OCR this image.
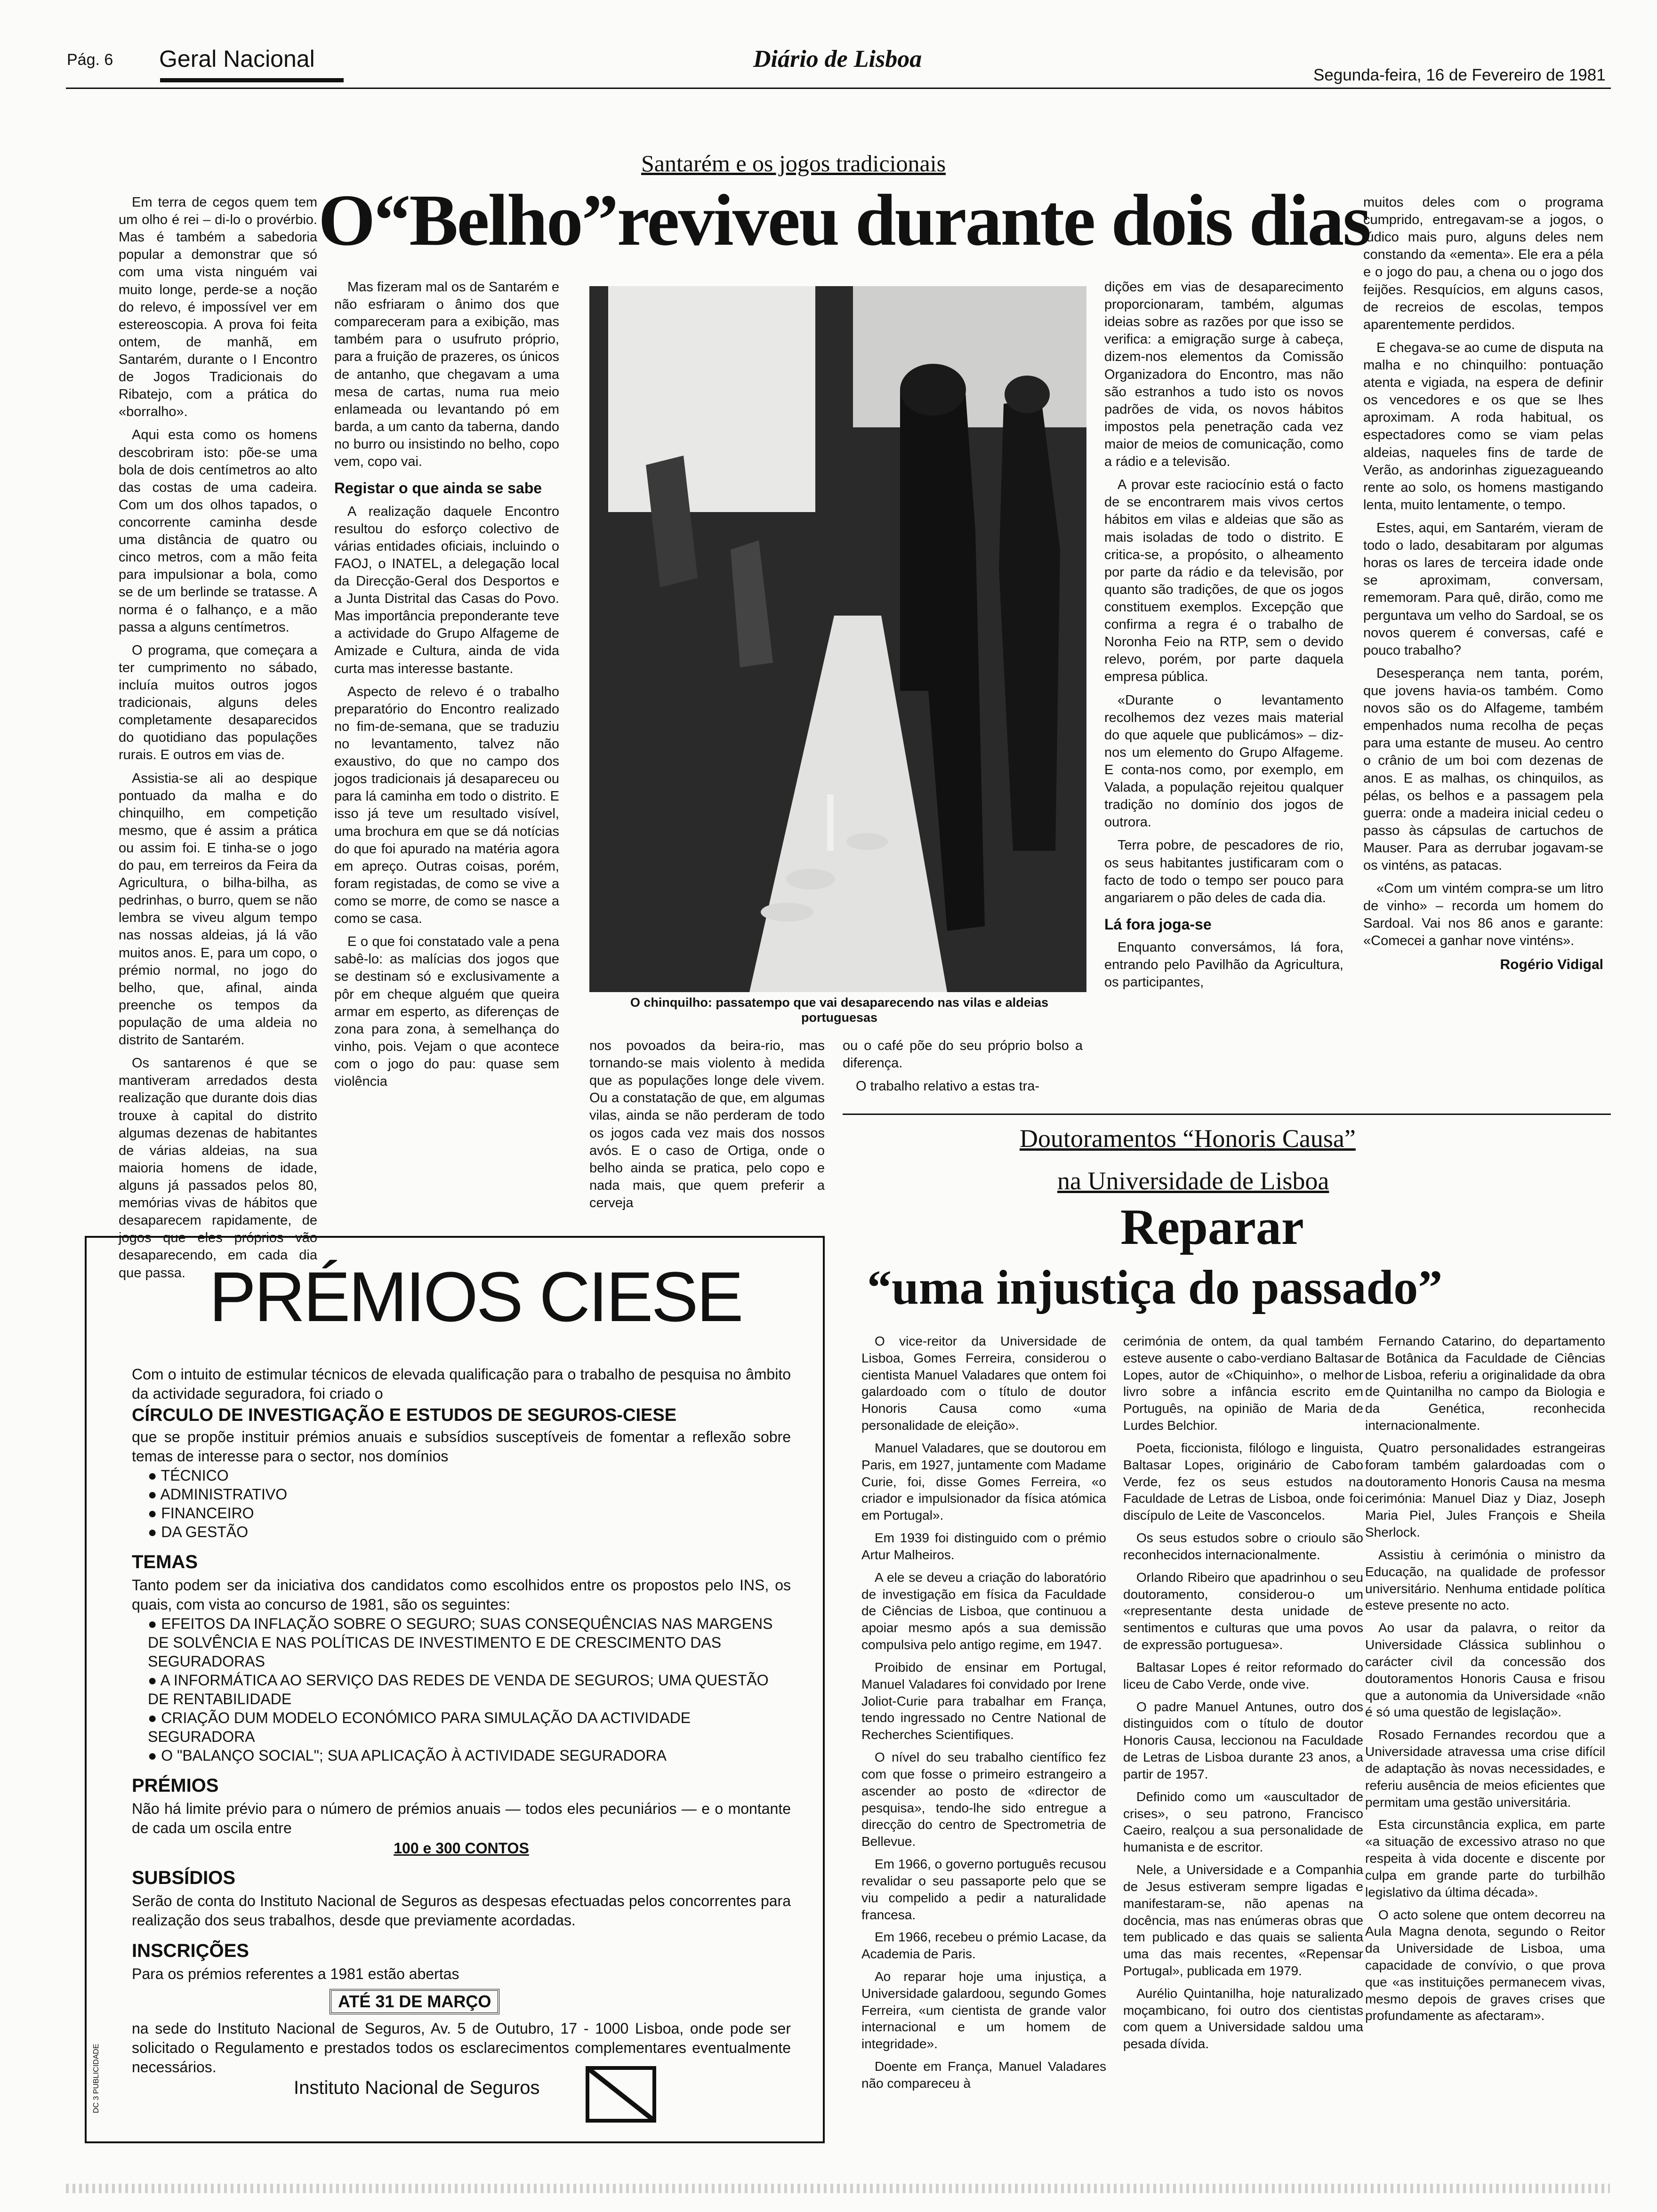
Pág. 6 Geral Nacional	Diário de Lisboa
Segunda-feira, 16 de Fevereiro de 1981
Santarém e os jogos tradicionais
O“Belho”reviveu durante dois dias

Em terra de cegos quem tem um olho é rei – di-lo o provérbio. Mas é também a sabedoria popular a demonstrar que só com uma vista ninguém vai muito longe, perde-se a noção do relevo, é impossível ver em estereoscopia. A prova foi feita ontem, de manhã, em Santarém, durante o I Encontro de Jogos Tradicionais do Ribatejo, com a prática do «borralho».

Aqui esta como os homens descobriram isto: põe-se uma bola de dois centímetros ao alto das costas de uma cadeira. Com um dos olhos tapados, o concorrente caminha desde uma distância de quatro ou cinco metros, com a mão feita para impulsionar a bola, como se de um berlinde se tratasse. A norma é o falhanço, e a mão passa a alguns centímetros.

O programa, que começara a ter cumprimento no sábado, incluía muitos outros jogos tradicionais, alguns deles completamente desaparecidos do quotidiano das populações rurais. E outros em vias de.

Assistia-se ali ao despique pontuado da malha e do chinquilho, em competição mesmo, que é assim a prática ou assim foi. E tinha-se o jogo do pau, em terreiros da Feira da Agricultura, o bilha-bilha, as pedrinhas, o burro, quem se não lembra se viveu algum tempo nas nossas aldeias, já lá vão muitos anos. E, para um copo, o prémio normal, no jogo do belho, que, afinal, ainda preenche os tempos da população de uma aldeia no distrito de Santarém.

Os santarenos é que se mantiveram arredados desta realização que durante dois dias trouxe à capital do distrito algumas dezenas de habitantes de várias aldeias, na sua maioria homens de idade, alguns já passados pelos 80, memórias vivas de hábitos que desaparecem rapidamente, de jogos que eles próprios vão desaparecendo, em cada dia que passa.

Mas fizeram mal os de Santarém e não esfriaram o ânimo dos que compareceram para a exibição, mas também para o usufruto próprio, para a fruição de prazeres, os únicos de antanho, que chegavam a uma mesa de cartas, numa rua meio enlameada ou levantando pó em barda, a um canto da taberna, dando no burro ou insistindo no belho, copo vem, copo vai.

Registar o que ainda se sabe

A realização daquele Encontro resultou do esforço colectivo de várias entidades oficiais, incluindo o FAOJ, o INATEL, a delegação local da Direcção-Geral dos Desportos e a Junta Distrital das Casas do Povo. Mas importância preponderante teve a actividade do Grupo Alfageme de Amizade e Cultura, ainda de vida curta mas interesse bastante.

Aspecto de relevo é o trabalho preparatório do Encontro realizado no fim-de-semana, que se traduziu no levantamento, talvez não exaustivo, do que no campo dos jogos tradicionais já desapareceu ou para lá caminha em todo o distrito. E isso já teve um resultado visível, uma brochura em que se dá notícias do que foi apurado na matéria agora em apreço. Outras coisas, porém, foram registadas, de como se vive a como se morre, de como se nasce a como se casa.

E o que foi constatado vale a pena sabê-lo: as malícias dos jogos que se destinam só e exclusivamente a pôr em cheque alguém que queira armar em esperto, as diferenças de zona para zona, à semelhança do vinho, pois. Vejam o que acontece com o jogo do pau: quase sem violência

O chinquilho: passatempo que vai desaparecendo nas vilas e aldeias portuguesas

nos povoados da beira-rio, mas tornando-se mais violento à medida que as populações longe dele vivem. Ou a constatação de que, em algumas vilas, ainda se não perderam de todo os jogos cada vez mais dos nossos avós. E o caso de Ortiga, onde o belho ainda se pratica, pelo copo e nada mais, que quem preferir a cerveja

ou o café põe do seu próprio bolso a diferença.

O trabalho relativo a estas tra-

dições em vias de desaparecimento proporcionaram, também, algumas ideias sobre as razões por que isso se verifica: a emigração surge à cabeça, dizem-nos elementos da Comissão Organizadora do Encontro, mas não são estranhos a tudo isto os novos padrões de vida, os novos hábitos impostos pela penetração cada vez maior de meios de comunicação, como a rádio e a televisão.

A provar este raciocínio está o facto de se encontrarem mais vivos certos hábitos em vilas e aldeias que são as mais isoladas de todo o distrito. E critica-se, a propósito, o alheamento por parte da rádio e da televisão, por quanto são tradições, de que os jogos constituem exemplos. Excepção que confirma a regra é o trabalho de Noronha Feio na RTP, sem o devido relevo, porém, por parte daquela empresa pública.

«Durante o levantamento recolhemos dez vezes mais material do que aquele que publicámos» – diz-nos um elemento do Grupo Alfageme. E conta-nos como, por exemplo, em Valada, a população rejeitou qualquer tradição no domínio dos jogos de outrora.

Terra pobre, de pescadores de rio, os seus habitantes justificaram com o facto de todo o tempo ser pouco para angariarem o pão deles de cada dia.

Lá fora joga-se

Enquanto conversámos, lá fora, entrando pelo Pavilhão da Agricultura, os participantes,

muitos deles com o programa cumprido, entregavam-se a jogos, o lúdico mais puro, alguns deles nem constando da «ementa». Ele era a péla e o jogo do pau, a chena ou o jogo dos feijões. Resquícios, em alguns casos, de recreios de escolas, tempos aparentemente perdidos.

E chegava-se ao cume de disputa na malha e no chinquilho: pontuação atenta e vigiada, na espera de definir os vencedores e os que se lhes aproximam. A roda habitual, os espectadores como se viam pelas aldeias, naqueles fins de tarde de Verão, as andorinhas ziguezagueando rente ao solo, os homens mastigando lenta, muito lentamente, o tempo.

Estes, aqui, em Santarém, vieram de todo o lado, desabitaram por algumas horas os lares de terceira idade onde se aproximam, conversam, rememoram. Para quê, dirão, como me perguntava um velho do Sardoal, se os novos querem é conversas, café e pouco trabalho?

Desesperança nem tanta, porém, que jovens havia-os também. Como novos são os do Alfageme, também empenhados numa recolha de peças para uma estante de museu. Ao centro o crânio de um boi com dezenas de anos. E as malhas, os chinquilos, as pélas, os belhos e a passagem pela guerra: onde a madeira inicial cedeu o passo às cápsulas de cartuchos de Mauser. Para as derrubar jogavam-se os vinténs, as patacas.

«Com um vintém compra-se um litro de vinho» – recorda um homem do Sardoal. Vai nos 86 anos e garante: «Comecei a ganhar nove vinténs».

Rogério Vidigal
Doutoramentos “Honoris Causa”
na Universidade de Lisboa
Reparar
“uma injustiça do passado”

O vice-reitor da Universidade de Lisboa, Gomes Ferreira, considerou o cientista Manuel Valadares que ontem foi galardoado com o título de doutor Honoris Causa como «uma personalidade de eleição».

Manuel Valadares, que se doutorou em Paris, em 1927, juntamente com Madame Curie, foi, disse Gomes Ferreira, «o criador e impulsionador da física atómica em Portugal».

Em 1939 foi distinguido com o prémio Artur Malheiros.

A ele se deveu a criação do laboratório de investigação em física da Faculdade de Ciências de Lisboa, que continuou a apoiar mesmo após a sua demissão compulsiva pelo antigo regime, em 1947.

Proibido de ensinar em Portugal, Manuel Valadares foi convidado por Irene Joliot-Curie para trabalhar em França, tendo ingressado no Centre National de Recherches Scientifiques.

O nível do seu trabalho científico fez com que fosse o primeiro estrangeiro a ascender ao posto de «director de pesquisa», tendo-lhe sido entregue a direcção do centro de Spectrometria de Bellevue.

Em 1966, o governo português recusou revalidar o seu passaporte pelo que se viu compelido a pedir a naturalidade francesa.

Em 1966, recebeu o prémio Lacase, da Academia de Paris.

Ao reparar hoje uma injustiça, a Universidade galardoou, segundo Gomes Ferreira, «um cientista de grande valor internacional e um homem de integridade».

Doente em França, Manuel Valadares não compareceu à

cerimónia de ontem, da qual também esteve ausente o cabo-verdiano Baltasar Lopes, autor de «Chiquinho», o melhor livro sobre a infância escrito em Português, na opinião de Maria de Lurdes Belchior.

Poeta, ficcionista, filólogo e linguista, Baltasar Lopes, originário de Cabo Verde, fez os seus estudos na Faculdade de Letras de Lisboa, onde foi discípulo de Leite de Vasconcelos.

Os seus estudos sobre o crioulo são reconhecidos internacionalmente.

Orlando Ribeiro que apadrinhou o seu doutoramento, considerou-o um «representante desta unidade de sentimentos e culturas que uma povos de expressão portuguesa».

Baltasar Lopes é reitor reformado do liceu de Cabo Verde, onde vive.

O padre Manuel Antunes, outro dos distinguidos com o título de doutor Honoris Causa, leccionou na Faculdade de Letras de Lisboa durante 23 anos, a partir de 1957.

Definido como um «auscultador de crises», o seu patrono, Francisco Caeiro, realçou a sua personalidade de humanista e de escritor.

Nele, a Universidade e a Companhia de Jesus estiveram sempre ligadas e manifestaram-se, não apenas na docência, mas nas enúmeras obras que tem publicado e das quais se salienta uma das mais recentes, «Repensar Portugal», publicada em 1979.

Aurélio Quintanilha, hoje naturalizado moçambicano, foi outro dos cientistas com quem a Universidade saldou uma pesada dívida.

Fernando Catarino, do departamento de Botânica da Faculdade de Ciências de Lisboa, referiu a originalidade da obra de Quintanilha no campo da Biologia e da Genética, reconhecida internacionalmente.

Quatro personalidades estrangeiras foram também galardoadas com o doutoramento Honoris Causa na mesma cerimónia: Manuel Diaz y Diaz, Joseph Maria Piel, Jules François e Sheila Sherlock.

Assistiu à cerimónia o ministro da Educação, na qualidade de professor universitário. Nenhuma entidade política esteve presente no acto.

Ao usar da palavra, o reitor da Universidade Clássica sublinhou o carácter civil da concessão dos doutoramentos Honoris Causa e frisou que a autonomia da Universidade «não é só uma questão de legislação».

Rosado Fernandes recordou que a Universidade atravessa uma crise difícil de adaptação às novas necessidades, e referiu ausência de meios eficientes que permitam uma gestão universitária.

Esta circunstância explica, em parte «a situação de excessivo atraso no que respeita à vida docente e discente por culpa em grande parte do turbilhão legislativo da última década».

O acto solene que ontem decorreu na Aula Magna denota, segundo o Reitor da Universidade de Lisboa, uma capacidade de convívio, o que prova que «as instituições permanecem vivas, mesmo depois de graves crises que profundamente as afectaram».

PRÉMIOS CIESE
Com o intuito de estimular técnicos de elevada qualificação para o trabalho de pesquisa no âmbito da actividade seguradora, foi criado o
CÍRCULO DE INVESTIGAÇÃO E ESTUDOS DE SEGUROS-CIESE
que se propõe instituir prémios anuais e subsídios susceptíveis de fomentar a reflexão sobre temas de interesse para o sector, nos domínios
● TÉCNICO
● ADMINISTRATIVO
● FINANCEIRO
● DA GESTÃO
TEMAS
Tanto podem ser da iniciativa dos candidatos como escolhidos entre os propostos pelo INS, os quais, com vista ao concurso de 1981, são os seguintes:
● EFEITOS DA INFLAÇÃO SOBRE O SEGURO; SUAS CONSEQUÊNCIAS NAS MARGENS DE SOLVÊNCIA E NAS POLÍTICAS DE INVESTIMENTO E DE CRESCIMENTO DAS SEGURADORAS
● A INFORMÁTICA AO SERVIÇO DAS REDES DE VENDA DE SEGUROS; UMA QUESTÃO DE RENTABILIDADE
● CRIAÇÃO DUM MODELO ECONÓMICO PARA SIMULAÇÃO DA ACTIVIDADE SEGURADORA
● O "BALANÇO SOCIAL"; SUA APLICAÇÃO À ACTIVIDADE SEGURADORA
PRÉMIOS
Não há limite prévio para o número de prémios anuais — todos eles pecuniários — e o montante de cada um oscila entre
100 e 300 CONTOS
SUBSÍDIOS
Serão de conta do Instituto Nacional de Seguros as despesas efectuadas pelos concorrentes para realização dos seus trabalhos, desde que previamente acordadas.
INSCRIÇÕES
Para os prémios referentes a 1981 estão abertas
ATÉ 31 DE MARÇO
na sede do Instituto Nacional de Seguros, Av. 5 de Outubro, 17 - 1000 Lisboa, onde pode ser solicitado o Regulamento e prestados todos os esclarecimentos complementares eventualmente necessários.
Instituto Nacional de Seguros
DC 3 PUBLICIDADE
